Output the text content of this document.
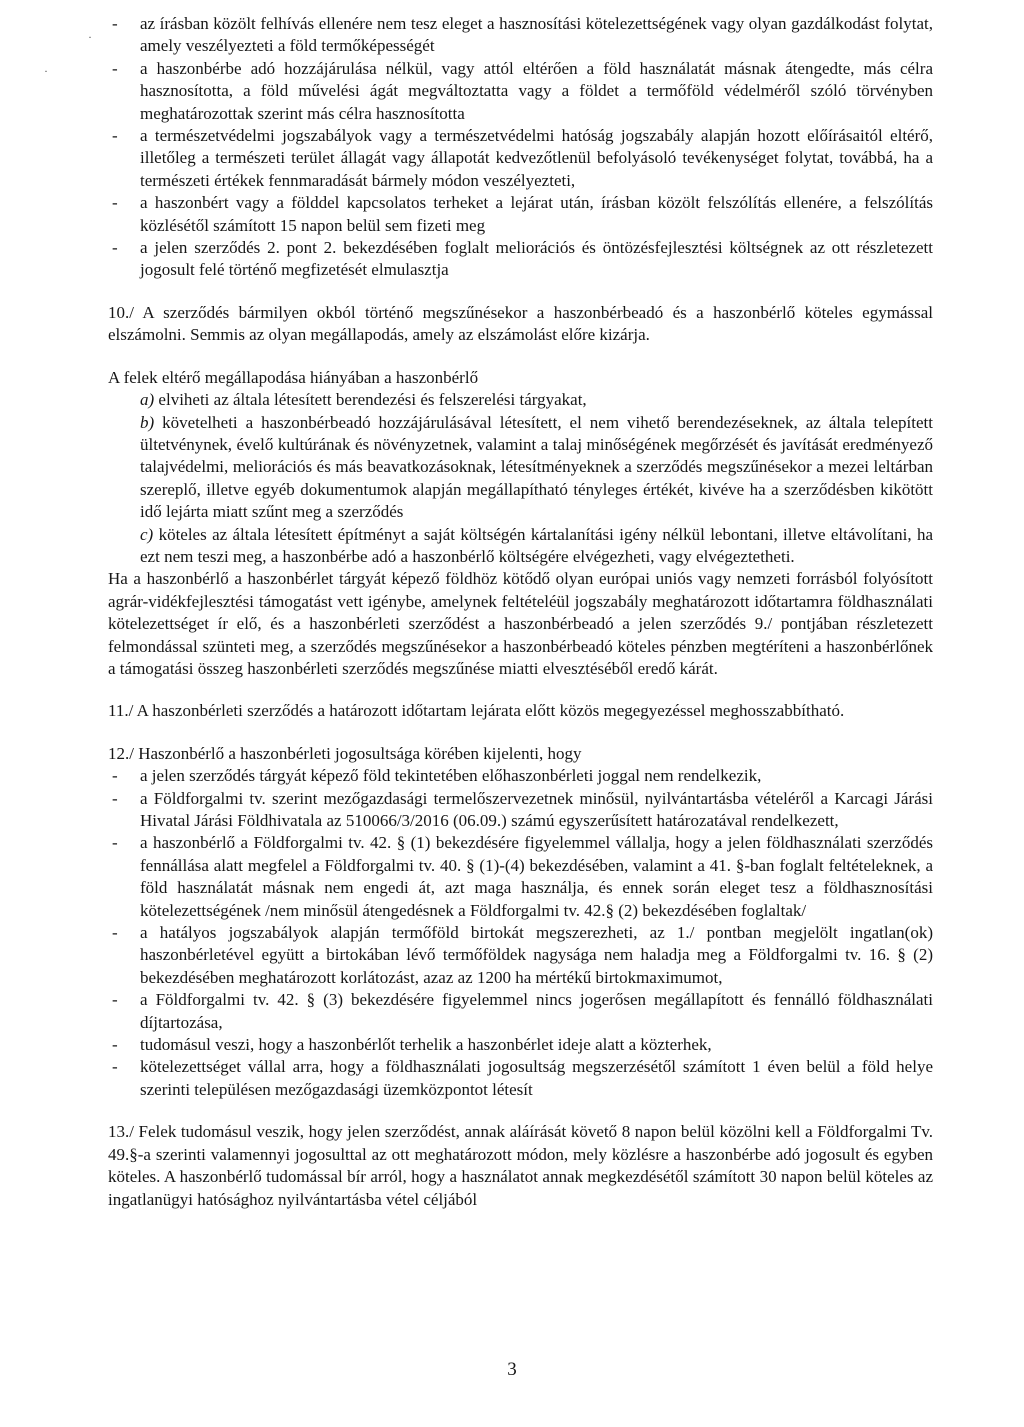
·
·
- az írásban közölt felhívás ellenére nem tesz eleget a hasznosítási kötelezettségének vagy olyan gazdálkodást folytat, amely veszélyezteti a föld termőképességét
- a haszonbérbe adó hozzájárulása nélkül, vagy attól eltérően a föld használatát másnak átengedte, más célra hasznosította, a föld művelési ágát megváltoztatta vagy a földet a termőföld védelméről szóló törvényben meghatározottak szerint más célra hasznosította
- a természetvédelmi jogszabályok vagy a természetvédelmi hatóság jogszabály alapján hozott előírásaitól eltérő, illetőleg a természeti terület állagát vagy állapotát kedvezőtlenül befolyásoló tevékenységet folytat, továbbá, ha a természeti értékek fennmaradását bármely módon veszélyezteti,
- a haszonbért vagy a földdel kapcsolatos terheket a lejárat után, írásban közölt felszólítás ellenére, a felszólítás közlésétől számított 15 napon belül sem fizeti meg
- a jelen szerződés 2. pont 2. bekezdésében foglalt meliorációs és öntözésfejlesztési költségnek az ott részletezett jogosult felé történő megfizetését elmulasztja

10./ A szerződés bármilyen okból történő megszűnésekor a haszonbérbeadó és a haszonbérlő köteles egymással elszámolni. Semmis az olyan megállapodás, amely az elszámolást előre kizárja.

A felek eltérő megállapodása hiányában a haszonbérlő

a) elviheti az általa létesített berendezési és felszerelési tárgyakat,

b) követelheti a haszonbérbeadó hozzájárulásával létesített, el nem vihető berendezéseknek, az általa telepített ültetvénynek, évelő kultúrának és növényzetnek, valamint a talaj minőségének megőrzését és javítását eredményező talajvédelmi, meliorációs és más beavatkozásoknak, létesítményeknek a szerződés megszűnésekor a mezei leltárban szereplő, illetve egyéb dokumentumok alapján megállapítható tényleges értékét, kivéve ha a szerződésben kikötött idő lejárta miatt szűnt meg a szerződés

c) köteles az általa létesített építményt a saját költségén kártalanítási igény nélkül lebontani, illetve eltávolítani, ha ezt nem teszi meg, a haszonbérbe adó a haszonbérlő költségére elvégezheti, vagy elvégeztetheti.

Ha a haszonbérlő a haszonbérlet tárgyát képező földhöz kötődő olyan európai uniós vagy nemzeti forrásból folyósított agrár-vidékfejlesztési támogatást vett igénybe, amelynek feltételéül jogszabály meghatározott időtartamra földhasználati kötelezettséget ír elő, és a haszonbérleti szerződést a haszonbérbeadó a jelen szerződés 9./ pontjában részletezett felmondással szünteti meg, a szerződés megszűnésekor a haszonbérbeadó köteles pénzben megtéríteni a haszonbérlőnek a támogatási összeg haszonbérleti szerződés megszűnése miatti elvesztéséből eredő kárát.

11./ A haszonbérleti szerződés a határozott időtartam lejárata előtt közös megegyezéssel meghosszabbítható.

12./ Haszonbérlő a haszonbérleti jogosultsága körében kijelenti, hogy

- a jelen szerződés tárgyát képező föld tekintetében előhaszonbérleti joggal nem rendelkezik,
- a Földforgalmi tv. szerint mezőgazdasági termelőszervezetnek minősül, nyilvántartásba vételéről a Karcagi Járási Hivatal Járási Földhivatala az 510066/3/2016 (06.09.) számú egyszerűsített határozatával rendelkezett,
- a haszonbérlő a Földforgalmi tv. 42. § (1) bekezdésére figyelemmel vállalja, hogy a jelen földhasználati szerződés fennállása alatt megfelel a Földforgalmi tv. 40. § (1)-(4) bekezdésében, valamint a 41. §-ban foglalt feltételeknek, a föld használatát másnak nem engedi át, azt maga használja, és ennek során eleget tesz a földhasznosítási kötelezettségének /nem minősül átengedésnek a Földforgalmi tv. 42.§ (2) bekezdésében foglaltak/
- a hatályos jogszabályok alapján termőföld birtokát megszerezheti, az 1./ pontban megjelölt ingatlan(ok) haszonbérletével együtt a birtokában lévő termőföldek nagysága nem haladja meg a Földforgalmi tv. 16. § (2) bekezdésében meghatározott korlátozást, azaz az 1200 ha mértékű birtokmaximumot,
- a Földforgalmi tv. 42. § (3) bekezdésére figyelemmel nincs jogerősen megállapított és fennálló földhasználati díjtartozása,
- tudomásul veszi, hogy a haszonbérlőt terhelik a haszonbérlet ideje alatt a közterhek,
- kötelezettséget vállal arra, hogy a földhasználati jogosultság megszerzésétől számított 1 éven belül a föld helye szerinti településen mezőgazdasági üzemközpontot létesít

13./ Felek tudomásul veszik, hogy jelen szerződést, annak aláírását követő 8 napon belül közölni kell a Földforgalmi Tv. 49.§-a szerinti valamennyi jogosulttal az ott meghatározott módon, mely közlésre a haszonbérbe adó jogosult és egyben köteles. A haszonbérlő tudomással bír arról, hogy a használatot annak megkezdésétől számított 30 napon belül köteles az ingatlanügyi hatósághoz nyilvántartásba vétel céljából

3
